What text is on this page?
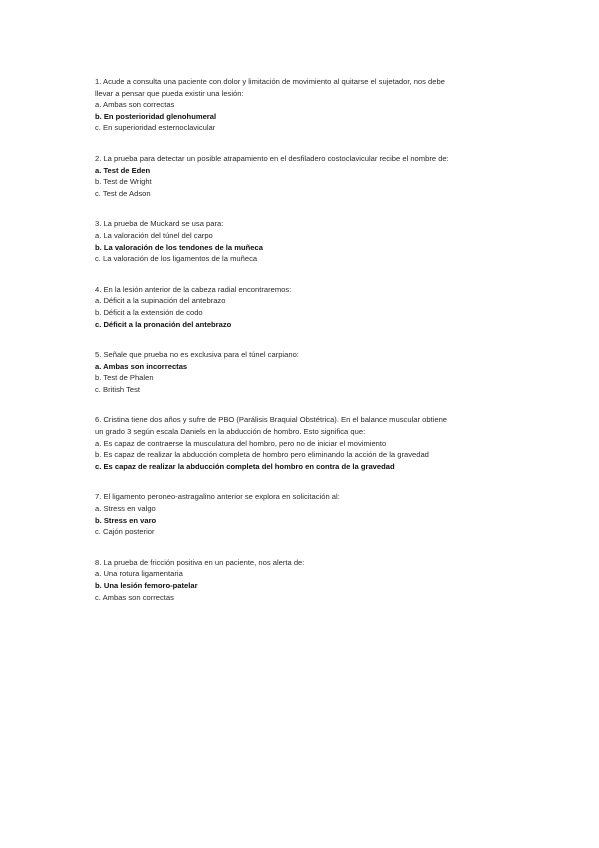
1. Acude a consulta una paciente con dolor y limitación de movimiento al quitarse el sujetador, nos debe llevar a pensar que pueda existir una lesión:
a. Ambas son correctas
b. En posterioridad glenohumeral
c. En superioridad esternoclavicular
2. La prueba para detectar un posible atrapamiento en el desfiladero costoclavicular recibe el nombre de:
a. Test de Eden
b. Test de Wright
c. Test de Adson
3. La prueba de Muckard se usa para:
a. La valoración del túnel del carpo
b. La valoración de los tendones de la muñeca
c. La valoración de los ligamentos de la muñeca
4. En la lesión anterior de la cabeza radial encontraremos:
a. Déficit a la supinación del antebrazo
b. Déficit a la extensión de codo
c. Déficit a la pronación del antebrazo
5. Señale que prueba no es exclusiva para el túnel carpiano:
a. Ambas son incorrectas
b. Test de Phalen
c. British Test
6. Cristina tiene dos años y sufre de PBO (Parálisis Braquial Obstétrica). En el balance muscular obtiene un grado 3 según escala Daniels en la abducción de hombro. Esto significa que:
a. Es capaz de contraerse la musculatura del hombro, pero no de iniciar el movimiento
b. Es capaz de realizar la abducción completa de hombro pero eliminando la acción de la gravedad
c. Es capaz de realizar la abducción completa del hombro en contra de la gravedad
7. El ligamento peroneo-astragalino anterior se explora en solicitación al:
a. Stress en valgo
b. Stress en varo
c. Cajón posterior
8. La prueba de fricción positiva en un paciente, nos alerta de:
a. Una rotura ligamentaria
b. Una lesión femoro-patelar
c. Ambas son correctas
